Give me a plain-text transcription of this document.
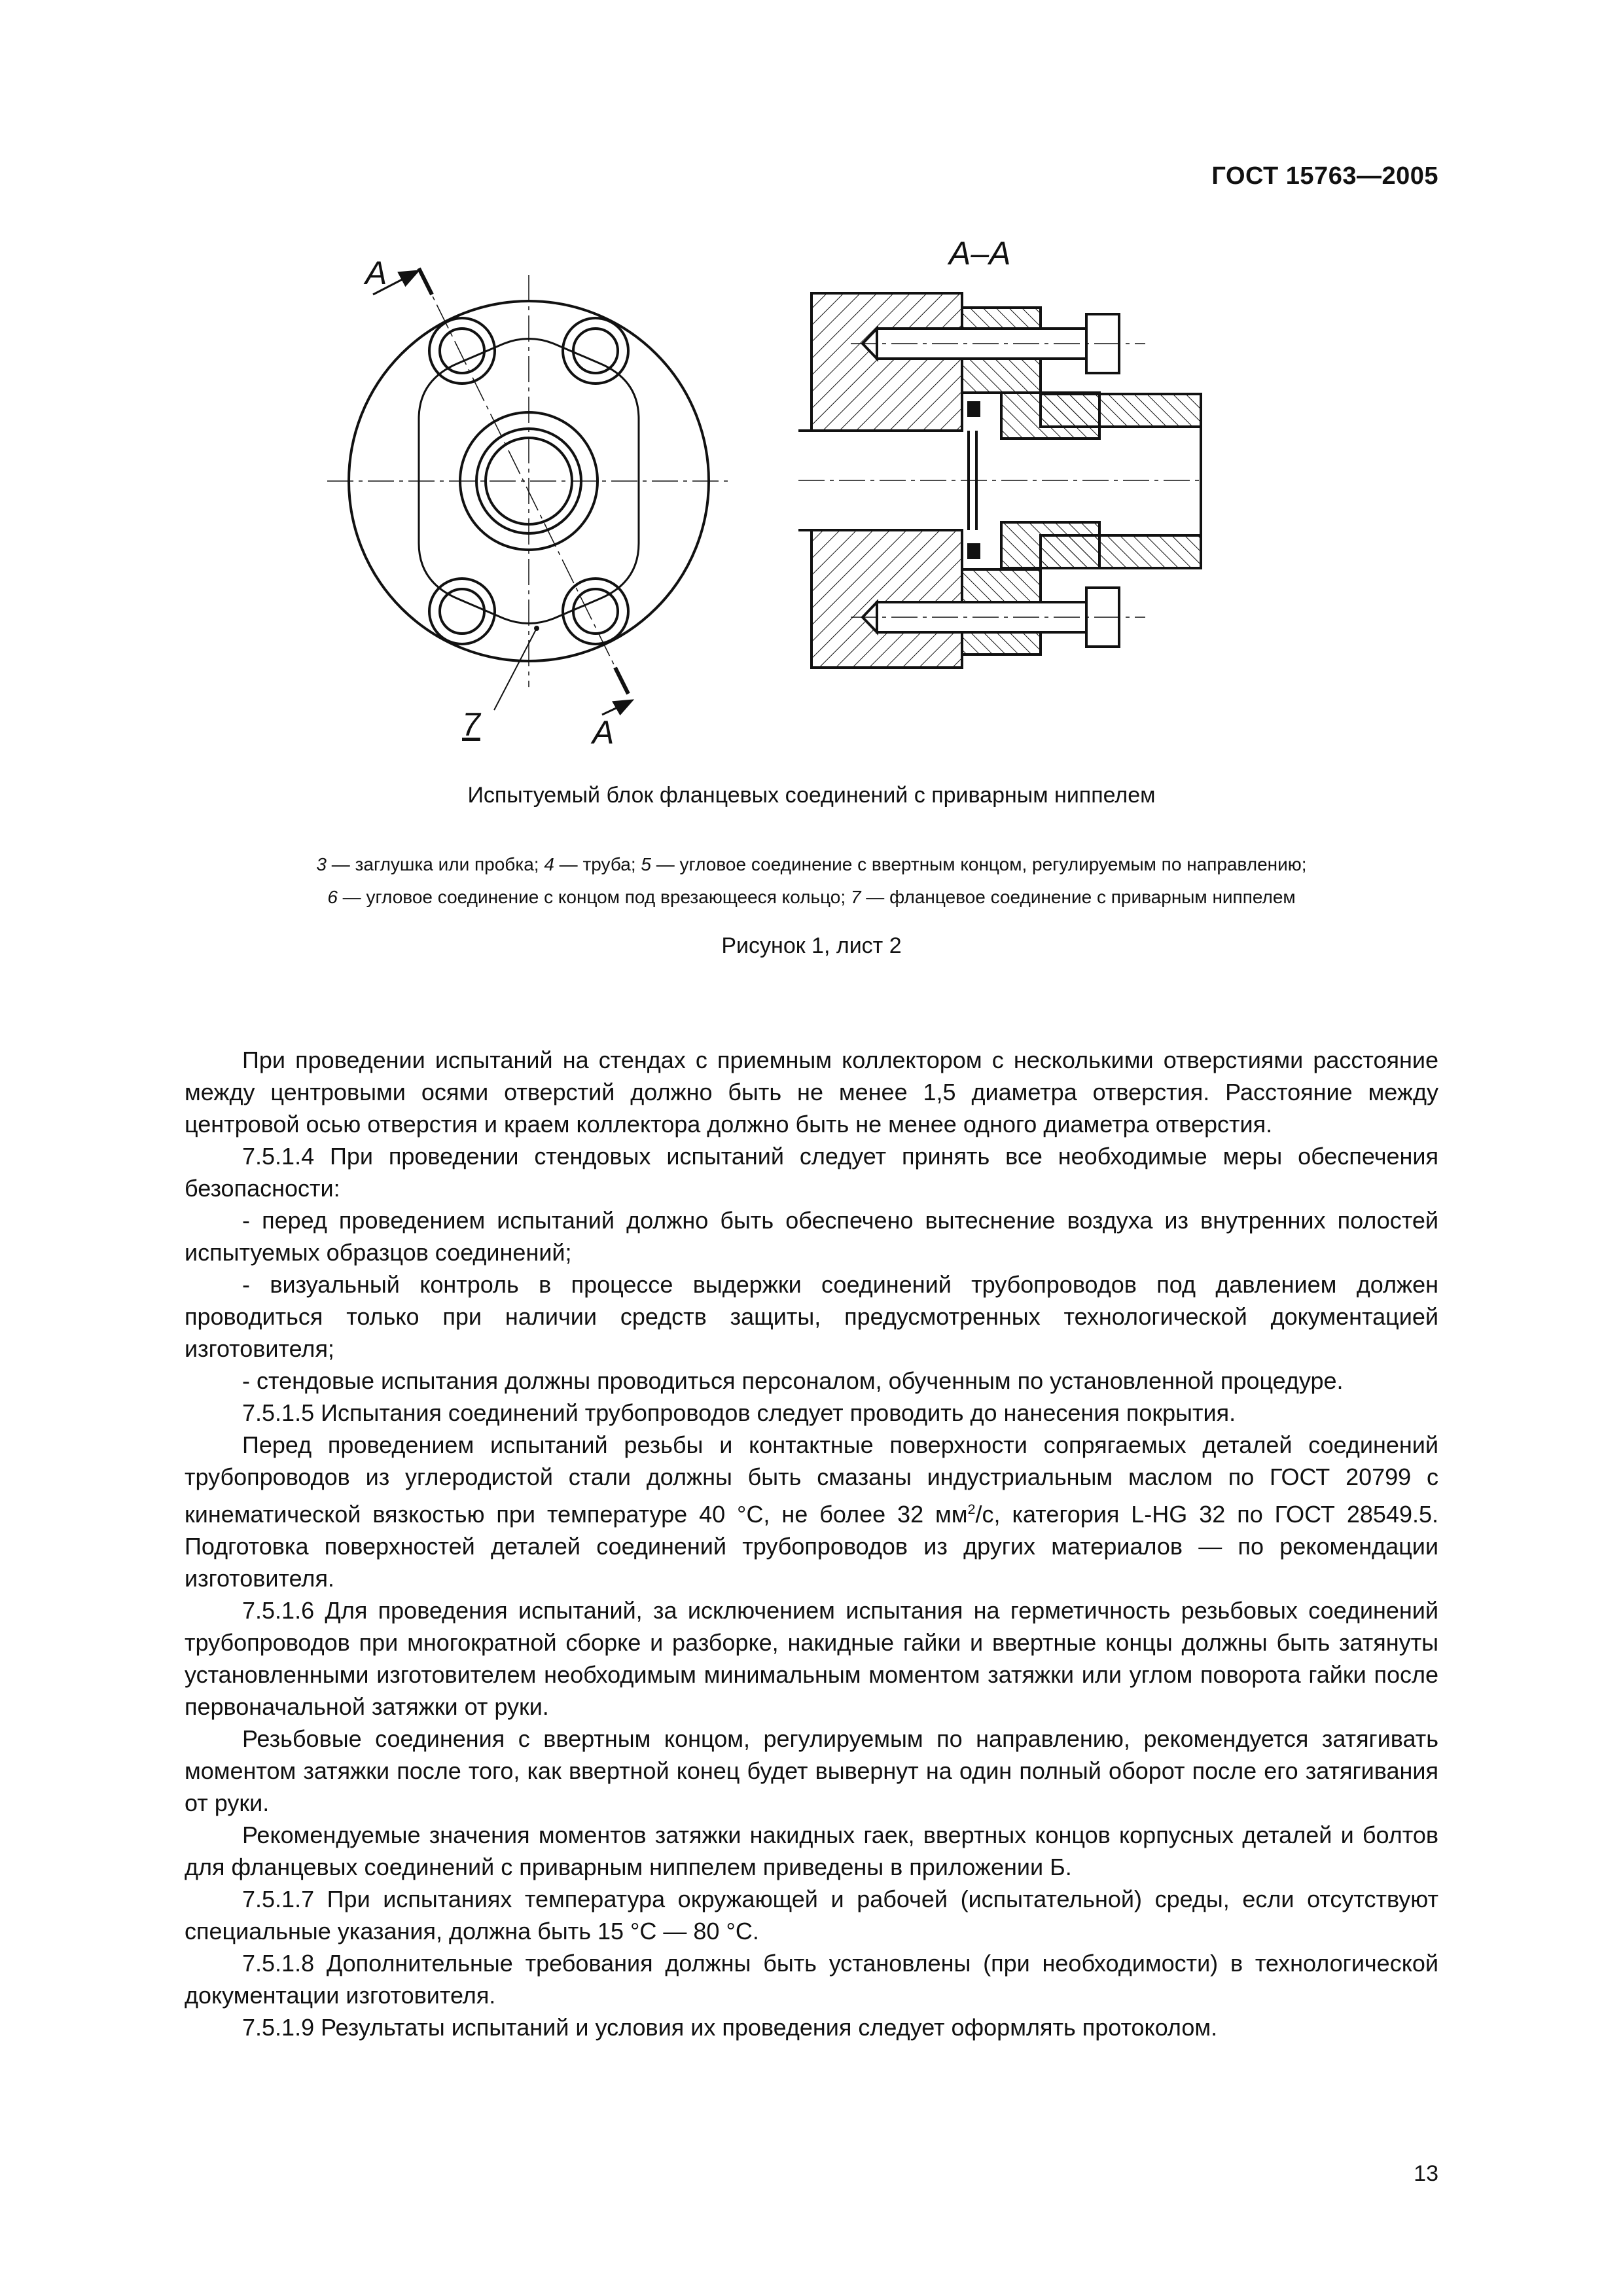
ГОСТ 15763—2005
А–А
А
А
7
Испытуемый блок фланцевых соединений с приварным ниппелем
3 — заглушка или пробка; 4 — труба; 5 — угловое соединение с ввертным концом, регулируемым по направлению;
6 — угловое соединение с концом под врезающееся кольцо; 7 — фланцевое соединение с приварным ниппелем
Рисунок 1, лист 2

При проведении испытаний на стендах с приемным коллектором с несколькими отверстиями расстояние между центровыми осями отверстий должно быть не менее 1,5 диаметра отверстия. Расстояние между центровой осью отверстия и краем коллектора должно быть не менее одного диаметра отверстия.

7.5.1.4 При проведении стендовых испытаний следует принять все необходимые меры обеспечения безопасности:

- перед проведением испытаний должно быть обеспечено вытеснение воздуха из внутренних полостей испытуемых образцов соединений;

- визуальный контроль в процессе выдержки соединений трубопроводов под давлением должен проводиться только при наличии средств защиты, предусмотренных технологической документацией изготовителя;

- стендовые испытания должны проводиться персоналом, обученным по установленной процедуре.

7.5.1.5 Испытания соединений трубопроводов следует проводить до нанесения покрытия.

Перед проведением испытаний резьбы и контактные поверхности сопрягаемых деталей соединений трубопроводов из углеродистой стали должны быть смазаны индустриальным маслом по ГОСТ 20799 с кинематической вязкостью при температуре 40 °С, не более 32 $мм^2/с$, категория L-HG 32 по ГОСТ 28549.5. Подготовка поверхностей деталей соединений трубопроводов из других материалов — по рекомендации изготовителя.

7.5.1.6 Для проведения испытаний, за исключением испытания на герметичность резьбовых соединений трубопроводов при многократной сборке и разборке, накидные гайки и ввертные концы должны быть затянуты установленными изготовителем необходимым минимальным моментом затяжки или углом поворота гайки после первоначальной затяжки от руки.

Резьбовые соединения с ввертным концом, регулируемым по направлению, рекомендуется затягивать моментом затяжки после того, как ввертной конец будет вывернут на один полный оборот после его затягивания от руки.

Рекомендуемые значения моментов затяжки накидных гаек, ввертных концов корпусных деталей и болтов для фланцевых соединений с приварным ниппелем приведены в приложении Б.

7.5.1.7 При испытаниях температура окружающей и рабочей (испытательной) среды, если отсутствуют специальные указания, должна быть 15 °С — 80 °С.

7.5.1.8 Дополнительные требования должны быть установлены (при необходимости) в технологической документации изготовителя.

7.5.1.9 Результаты испытаний и условия их проведения следует оформлять протоколом.

13
